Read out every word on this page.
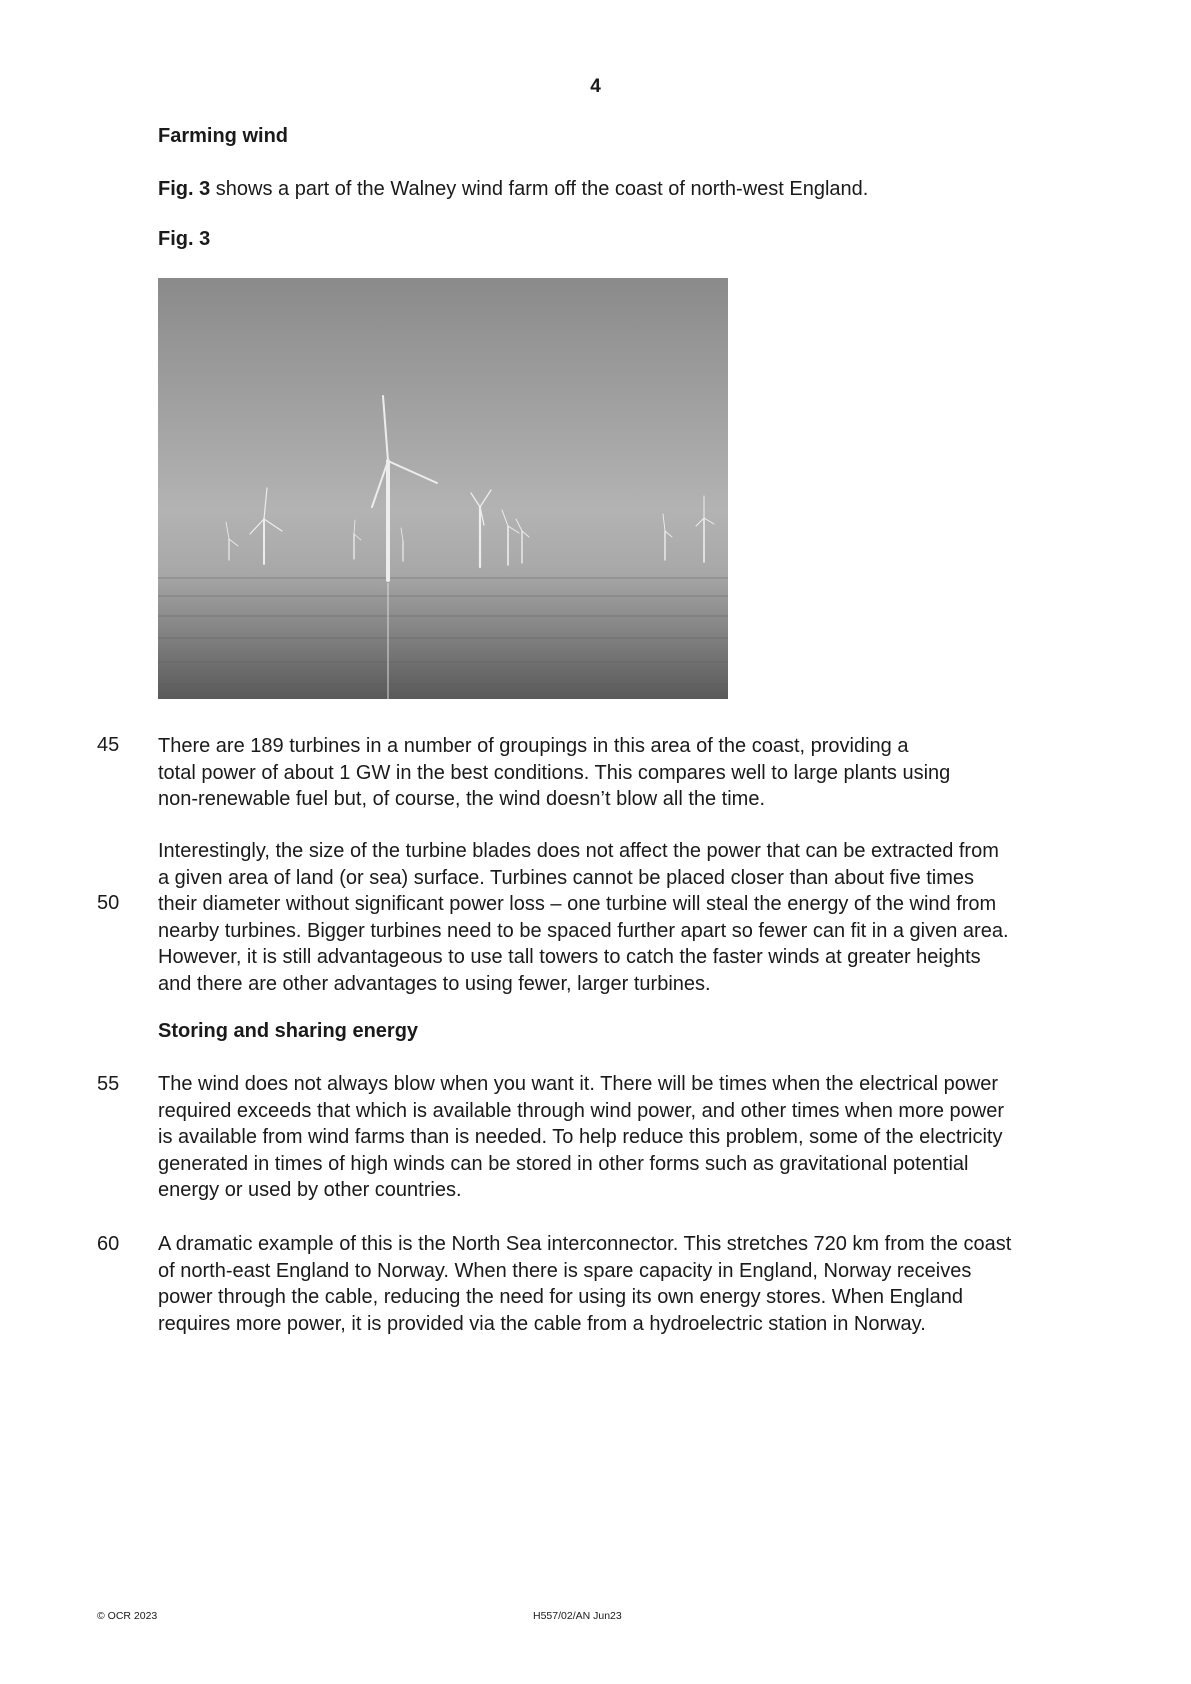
4
Farming wind
Fig. 3 shows a part of the Walney wind farm off the coast of north-west England.
Fig. 3
45 There are 189 turbines in a number of groupings in this area of the coast, providing a
total power of about 1 GW in the best conditions. This compares well to large plants using
non-renewable fuel but, of course, the wind doesn’t blow all the time.
50
Interestingly, the size of the turbine blades does not affect the power that can be extracted from
a given area of land (or sea) surface. Turbines cannot be placed closer than about five times
their diameter without significant power loss – one turbine will steal the energy of the wind from
nearby turbines. Bigger turbines need to be spaced further apart so fewer can fit in a given area.
However, it is still advantageous to use tall towers to catch the faster winds at greater heights
and there are other advantages to using fewer, larger turbines.
Storing and sharing energy
55 The wind does not always blow when you want it. There will be times when the electrical power
required exceeds that which is available through wind power, and other times when more power
is available from wind farms than is needed. To help reduce this problem, some of the electricity
generated in times of high winds can be stored in other forms such as gravitational potential
energy or used by other countries.
60 A dramatic example of this is the North Sea interconnector. This stretches 720 km from the coast
of north-east England to Norway. When there is spare capacity in England, Norway receives
power through the cable, reducing the need for using its own energy stores. When England
requires more power, it is provided via the cable from a hydroelectric station in Norway.
© OCR 2023	H557/02/AN Jun23
